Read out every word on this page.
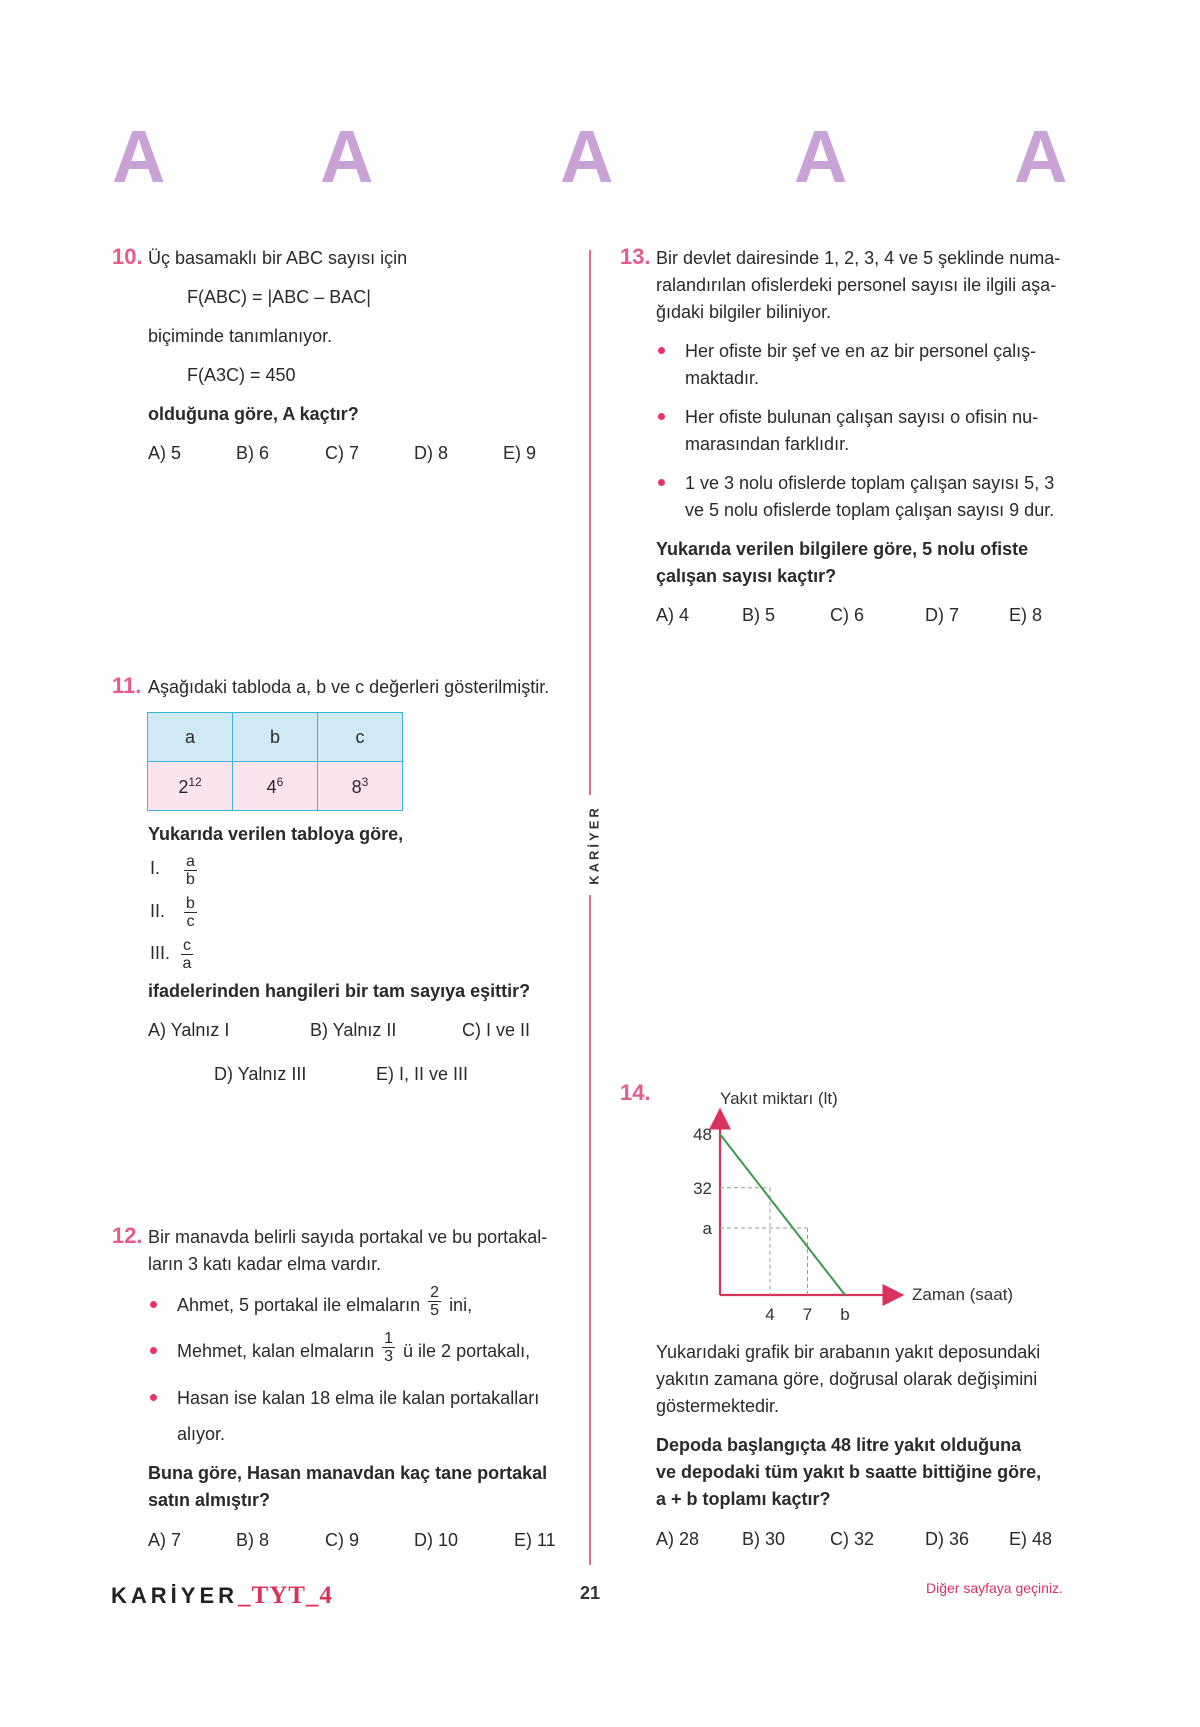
A A	A A A
KARİYER
10. Üç basamaklı bir ABC sayısı için
F(ABC) = |ABC – BAC|
biçiminde tanımlanıyor.
F(A3C) = 450
olduğuna göre, A kaçtır?
A) 5	B) 6	C) 7	D) 8	E) 9
11. Aşağıdaki tabloda a, b ve c değerleri gösterilmiştir.
a	b	c
$2^{12}$	$4^6$	$8^3$
Yukarıda verilen tabloya göre,
I. $\frac{a}{b}$
II. $\frac{b}{c}$
III. $\frac{c}{a}$
ifadelerinden hangileri bir tam sayıya eşittir?
A) Yalnız I	B) Yalnız II	C) I ve II
D) Yalnız III	E) I, II ve III
12. Bir manavda belirli sayıda portakal ve bu portakal-
ların 3 katı kadar elma vardır.
Ahmet, 5 portakal ile elmaların $\frac{2}{5}$ ini,
Mehmet, kalan elmaların $\frac{1}{3}$ ü ile 2 portakalı,
Hasan ise kalan 18 elma ile kalan portakalları
alıyor.
Buna göre, Hasan manavdan kaç tane portakal
satın almıştır?
A) 7	B) 8	C) 9	D) 10	E) 11
13. Bir devlet dairesinde 1, 2, 3, 4 ve 5 şeklinde numa-
ralandırılan ofislerdeki personel sayısı ile ilgili aşa-
ğıdaki bilgiler biliniyor.
Her ofiste bir şef ve en az bir personel çalış-
maktadır.
Her ofiste bulunan çalışan sayısı o ofisin nu-
marasından farklıdır.
1 ve 3 nolu ofislerde toplam çalışan sayısı 5, 3
ve 5 nolu ofislerde toplam çalışan sayısı 9 dur.
Yukarıda verilen bilgilere göre, 5 nolu ofiste
çalışan sayısı kaçtır?
A) 4	B) 5	C) 6	D) 7	E) 8
14.
48
32
a
4 7 b
Yakıt miktarı (lt)
Zaman (saat)
Yukarıdaki grafik bir arabanın yakıt deposundaki
yakıtın zamana göre, doğrusal olarak değişimini
göstermektedir.
Depoda başlangıçta 48 litre yakıt olduğuna
ve depodaki tüm yakıt b saatte bittiğine göre,
a + b toplamı kaçtır?
A) 28 B) 30 C) 32	D) 36 E) 48
KARİYER_TYT_4	21	Diğer sayfaya geçiniz.
